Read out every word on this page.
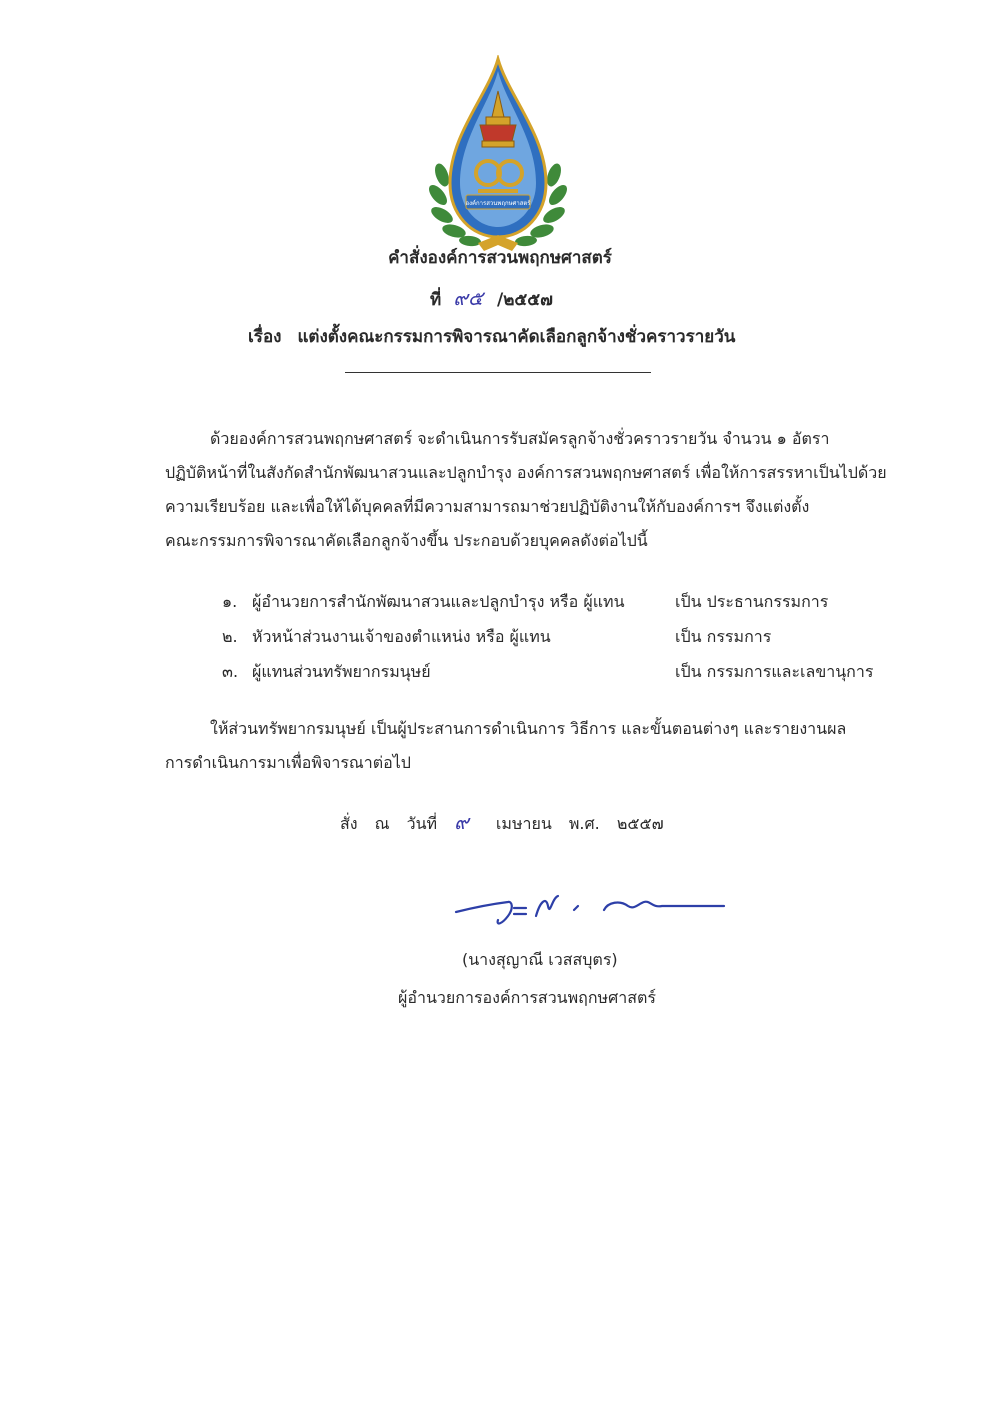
องค์การสวนพฤกษศาสตร์
คำสั่งองค์การสวนพฤกษศาสตร์
ที่ ๙๕ /๒๕๕๗
เรื่อง แต่งตั้งคณะกรรมการพิจารณาคัดเลือกลูกจ้างชั่วคราวรายวัน
ด้วยองค์การสวนพฤกษศาสตร์ จะดำเนินการรับสมัครลูกจ้างชั่วคราวรายวัน จำนวน ๑ อัตรา
ปฏิบัติหน้าที่ในสังกัดสำนักพัฒนาสวนและปลูกบำรุง องค์การสวนพฤกษศาสตร์ เพื่อให้การสรรหาเป็นไปด้วย
ความเรียบร้อย และเพื่อให้ได้บุคคลที่มีความสามารถมาช่วยปฏิบัติงานให้กับองค์การฯ จึงแต่งตั้ง
คณะกรรมการพิจารณาคัดเลือกลูกจ้างขึ้น ประกอบด้วยบุคคลดังต่อไปนี้
๑. ผู้อำนวยการสำนักพัฒนาสวนและปลูกบำรุง หรือ ผู้แทน	เป็น ประธานกรรมการ
๒. หัวหน้าส่วนงานเจ้าของตำแหน่ง หรือ ผู้แทน	เป็น กรรมการ
๓. ผู้แทนส่วนทรัพยากรมนุษย์	เป็น กรรมการและเลขานุการ
ให้ส่วนทรัพยากรมนุษย์ เป็นผู้ประสานการดำเนินการ วิธีการ และขั้นตอนต่างๆ และรายงานผล
การดำเนินการมาเพื่อพิจารณาต่อไป
สั่ง ณ วันที่ ๙ เมษายน พ.ศ. ๒๕๕๗
(นางสุญาณี เวสสบุตร)
ผู้อำนวยการองค์การสวนพฤกษศาสตร์
